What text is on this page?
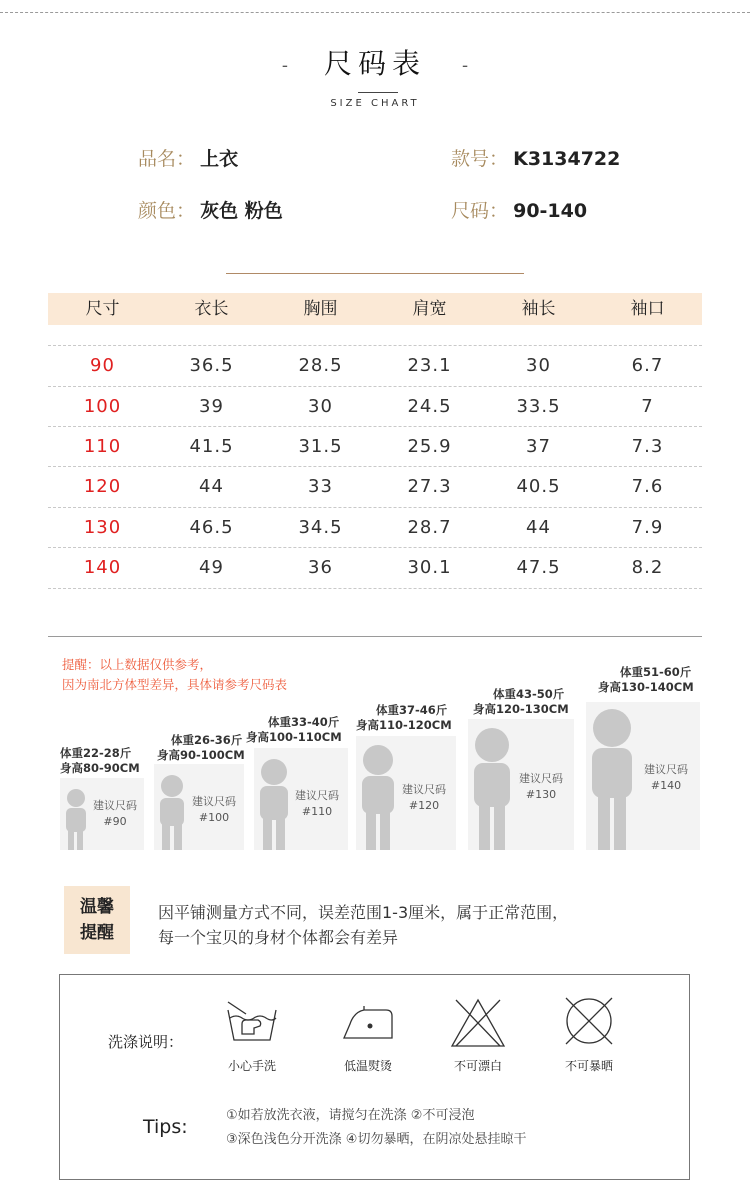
- 尺码表 -
SIZE CHART
品名： 上衣	款号： K3134722
颜色： 灰色 粉色	尺码： 90-140
尺寸	衣长	胸围	肩宽	袖长	袖口
90	36.5	28.5	23.1	30	6.7
100	39	30	24.5	33.5	7
110	41.5	31.5	25.9	37	7.3
120	44	33	27.3	40.5	7.6
130	46.5	34.5	28.7	44	7.9
140	49	36	30.1	47.5	8.2
提醒：以上数据仅供参考，
因为南北方体型差异，具体请参考尺码表
体重22-28斤
身高80-90CM
建议尺码
#90
体重26-36斤
身高90-100CM
建议尺码
#100
体重33-40斤
身高100-110CM
建议尺码
#110
体重37-46斤
身高110-120CM
建议尺码
#120
体重43-50斤
身高120-130CM
建议尺码
#130
体重51-60斤
身高130-140CM
建议尺码
#140
温馨
提醒
因平铺测量方式不同，误差范围1-3厘米，属于正常范围，
每一个宝贝的身材个体都会有差异
洗涤说明：
小心手洗	低温熨烫	不可漂白	不可暴晒
Tips:
①如若放洗衣液，请搅匀在洗涤 ②不可浸泡
③深色浅色分开洗涤 ④切勿暴晒，在阴凉处悬挂晾干
